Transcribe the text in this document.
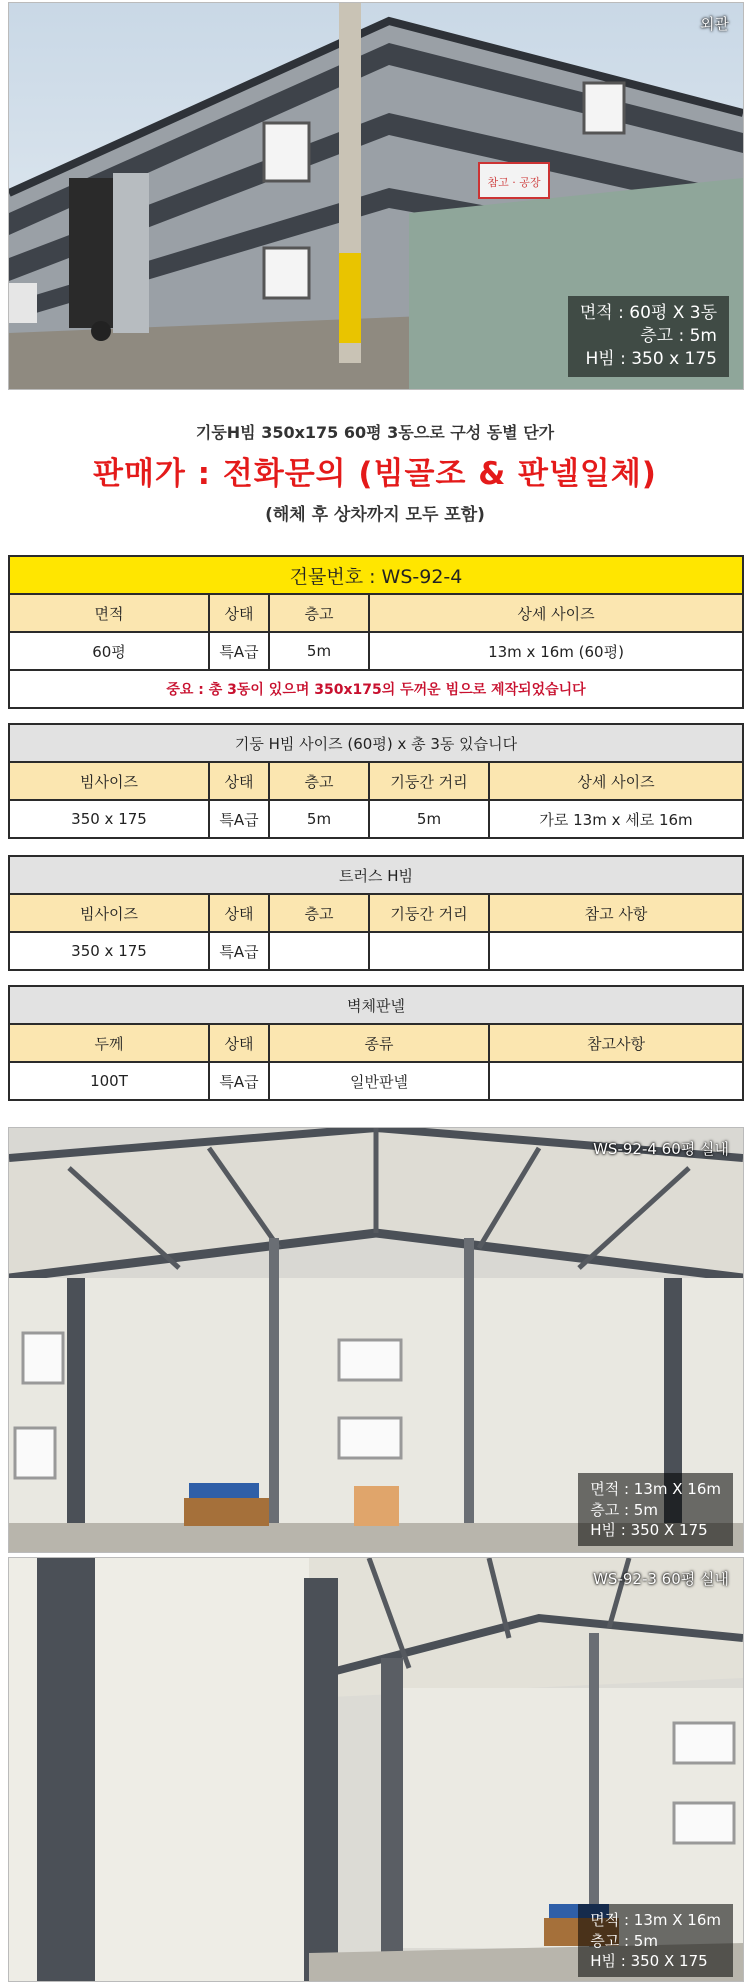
참고 · 공장
외관
면적 : 60평 X 3동
층고 : 5m
H빔 : 350 x 175
기둥H빔 350x175 60평 3동으로 구성 동별 단가
판매가 : 전화문의 (빔골조 & 판넬일체)
(해체 후 상차까지 모두 포함)
건물번호 : WS-92-4			
면적	상태	층고	상세 사이즈
60평	특A급	5m	13m x 16m (60평)
중요 : 총 3동이 있으며 350x175의 두꺼운 빔으로 제작되었습니다			
기둥 H빔 사이즈 (60평) x 총 3동 있습니다				
빔사이즈	상태	층고	기둥간 거리	상세 사이즈
350 x 175	특A급	5m	5m	가로 13m x 세로 16m
트러스 H빔				
빔사이즈	상태	층고	기둥간 거리	참고 사항
350 x 175	특A급			
벽체판넬			
두께	상태	종류	참고사항
100T	특A급	일반판넬	
WS-92-4 60평 실내
면적 : 13m X 16m
층고 : 5m
H빔 : 350 X 175
WS-92-3 60평 실내
면적 : 13m X 16m
층고 : 5m
H빔 : 350 X 175
